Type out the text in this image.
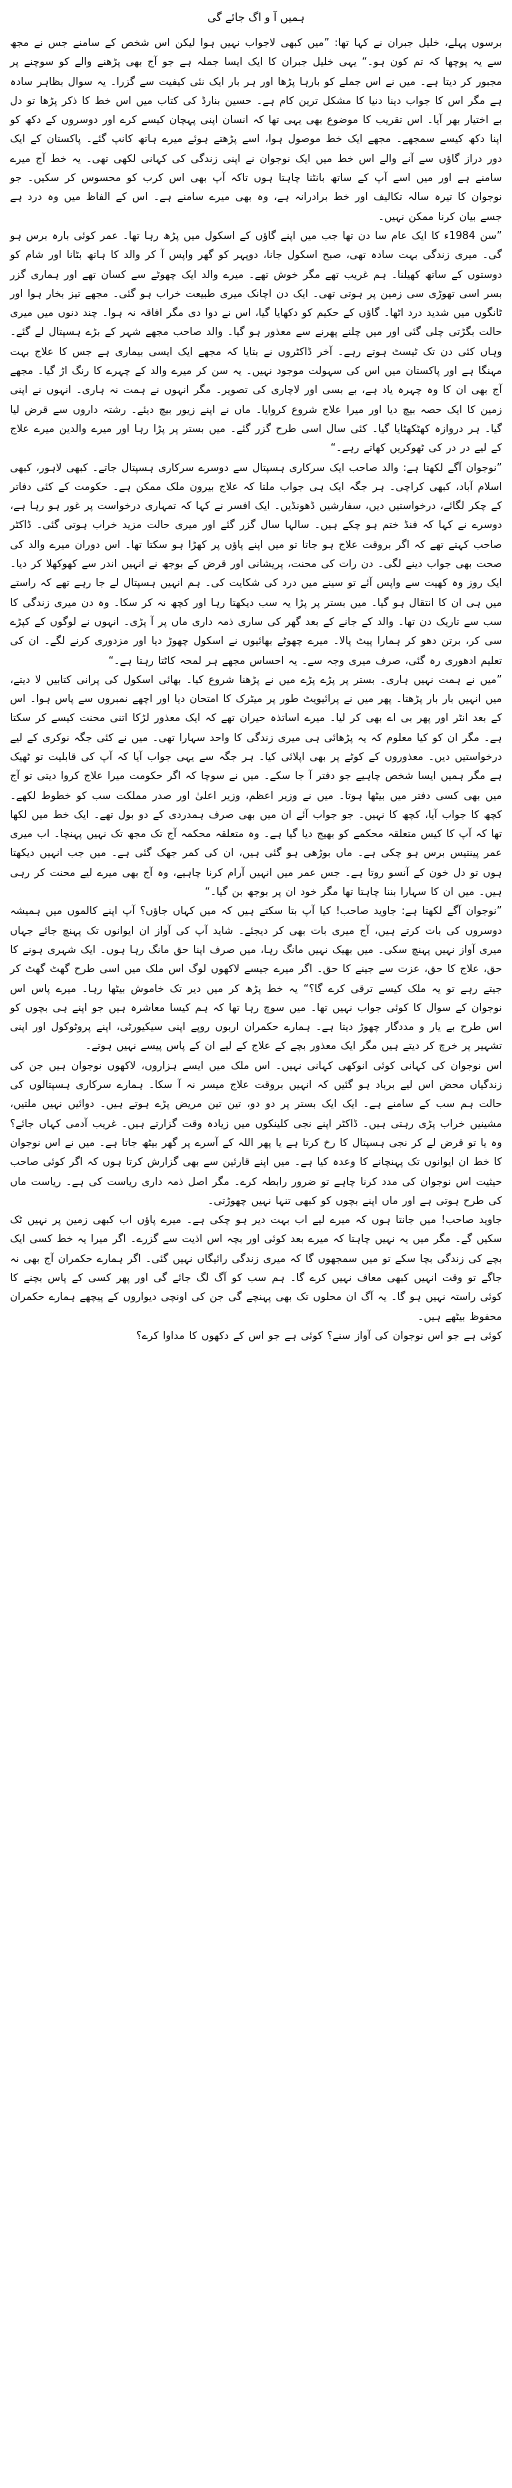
ہمیں آ و اگ جائے گی

برسوں پہلے، خلیل جبران نے کہا تھا: ”میں کبھی لاجواب نہیں ہوا لیکن اس شخص کے سامنے جس نے مجھ سے یہ پوچھا کہ تم کون ہو۔“ یہی خلیل جبران کا ایک ایسا جملہ ہے جو آج بھی پڑھنے والے کو سوچنے پر مجبور کر دیتا ہے۔ میں نے اس جملے کو بارہا پڑھا اور ہر بار ایک نئی کیفیت سے گزرا۔ یہ سوال بظاہر سادہ ہے مگر اس کا جواب دینا دنیا کا مشکل ترین کام ہے۔ حسین بنارڈ کی کتاب میں اس خط کا ذکر پڑھا تو دل بے اختیار بھر آیا۔ اس تقریب کا موضوع بھی یہی تھا کہ انسان اپنی پہچان کیسے کرے اور دوسروں کے دکھ کو اپنا دکھ کیسے سمجھے۔ مجھے ایک خط موصول ہوا، اسے پڑھتے ہوئے میرے ہاتھ کانپ گئے۔ پاکستان کے ایک دور دراز گاؤں سے آنے والے اس خط میں ایک نوجوان نے اپنی زندگی کی کہانی لکھی تھی۔ یہ خط آج میرے سامنے ہے اور میں اسے آپ کے ساتھ بانٹنا چاہتا ہوں تاکہ آپ بھی اس کرب کو محسوس کر سکیں۔ جو نوجوان کا تیرہ سالہ تکالیف اور خط برادرانہ ہے، وہ بھی میرے سامنے ہے۔ اس کے الفاظ میں وہ درد ہے جسے بیان کرنا ممکن نہیں۔

”سن 1984ء کا ایک عام سا دن تھا جب میں اپنے گاؤں کے اسکول میں پڑھ رہا تھا۔ عمر کوئی بارہ برس ہو گی۔ میری زندگی بہت سادہ تھی، صبح اسکول جانا، دوپہر کو گھر واپس آ کر والد کا ہاتھ بٹانا اور شام کو دوستوں کے ساتھ کھیلنا۔ ہم غریب تھے مگر خوش تھے۔ میرے والد ایک چھوٹے سے کسان تھے اور ہماری گزر بسر اسی تھوڑی سی زمین پر ہوتی تھی۔ ایک دن اچانک میری طبیعت خراب ہو گئی۔ مجھے تیز بخار ہوا اور ٹانگوں میں شدید درد اٹھا۔ گاؤں کے حکیم کو دکھایا گیا، اس نے دوا دی مگر افاقہ نہ ہوا۔ چند دنوں میں میری حالت بگڑتی چلی گئی اور میں چلنے پھرنے سے معذور ہو گیا۔ والد صاحب مجھے شہر کے بڑے ہسپتال لے گئے۔ وہاں کئی دن تک ٹیسٹ ہوتے رہے۔ آخر ڈاکٹروں نے بتایا کہ مجھے ایک ایسی بیماری ہے جس کا علاج بہت مہنگا ہے اور پاکستان میں اس کی سہولت موجود نہیں۔ یہ سن کر میرے والد کے چہرے کا رنگ اڑ گیا۔ مجھے آج بھی ان کا وہ چہرہ یاد ہے، بے بسی اور لاچاری کی تصویر۔ مگر انہوں نے ہمت نہ ہاری۔ انہوں نے اپنی زمین کا ایک حصہ بیچ دیا اور میرا علاج شروع کروایا۔ ماں نے اپنے زیور بیچ دیئے۔ رشتہ داروں سے قرض لیا گیا۔ ہر دروازہ کھٹکھٹایا گیا۔ کئی سال اسی طرح گزر گئے۔ میں بستر پر پڑا رہا اور میرے والدین میرے علاج کے لیے در در کی ٹھوکریں کھاتے رہے۔“

”نوجوان آگے لکھتا ہے: والد صاحب ایک سرکاری ہسپتال سے دوسرے سرکاری ہسپتال جاتے۔ کبھی لاہور، کبھی اسلام آباد، کبھی کراچی۔ ہر جگہ ایک ہی جواب ملتا کہ علاج بیرون ملک ممکن ہے۔ حکومت کے کئی دفاتر کے چکر لگائے، درخواستیں دیں، سفارشیں ڈھونڈیں۔ ایک افسر نے کہا کہ تمہاری درخواست پر غور ہو رہا ہے، دوسرے نے کہا کہ فنڈ ختم ہو چکے ہیں۔ سالہا سال گزر گئے اور میری حالت مزید خراب ہوتی گئی۔ ڈاکٹر صاحب کہتے تھے کہ اگر بروقت علاج ہو جاتا تو میں اپنے پاؤں پر کھڑا ہو سکتا تھا۔ اس دوران میرے والد کی صحت بھی جواب دینے لگی۔ دن رات کی محنت، پریشانی اور قرض کے بوجھ نے انہیں اندر سے کھوکھلا کر دیا۔ ایک روز وہ کھیت سے واپس آئے تو سینے میں درد کی شکایت کی۔ ہم انہیں ہسپتال لے جا رہے تھے کہ راستے میں ہی ان کا انتقال ہو گیا۔ میں بستر پر پڑا یہ سب دیکھتا رہا اور کچھ نہ کر سکا۔ وہ دن میری زندگی کا سب سے تاریک دن تھا۔ والد کے جانے کے بعد گھر کی ساری ذمہ داری ماں پر آ پڑی۔ انہوں نے لوگوں کے کپڑے سی کر، برتن دھو کر ہمارا پیٹ پالا۔ میرے چھوٹے بھائیوں نے اسکول چھوڑ دیا اور مزدوری کرنے لگے۔ ان کی تعلیم ادھوری رہ گئی، صرف میری وجہ سے۔ یہ احساس مجھے ہر لمحہ کاٹتا رہتا ہے۔“

”میں نے ہمت نہیں ہاری۔ بستر پر پڑے پڑے میں نے پڑھنا شروع کیا۔ بھائی اسکول کی پرانی کتابیں لا دیتے، میں انہیں بار بار پڑھتا۔ پھر میں نے پرائیویٹ طور پر میٹرک کا امتحان دیا اور اچھے نمبروں سے پاس ہوا۔ اس کے بعد انٹر اور پھر بی اے بھی کر لیا۔ میرے اساتذہ حیران تھے کہ ایک معذور لڑکا اتنی محنت کیسے کر سکتا ہے۔ مگر ان کو کیا معلوم کہ یہ پڑھائی ہی میری زندگی کا واحد سہارا تھی۔ میں نے کئی جگہ نوکری کے لیے درخواستیں دیں۔ معذوروں کے کوٹے پر بھی اپلائی کیا۔ ہر جگہ سے یہی جواب آیا کہ آپ کی قابلیت تو ٹھیک ہے مگر ہمیں ایسا شخص چاہیے جو دفتر آ جا سکے۔ میں نے سوچا کہ اگر حکومت میرا علاج کروا دیتی تو آج میں بھی کسی دفتر میں بیٹھا ہوتا۔ میں نے وزیر اعظم، وزیر اعلیٰ اور صدر مملکت سب کو خطوط لکھے۔ کچھ کا جواب آیا، کچھ کا نہیں۔ جو جواب آئے ان میں بھی صرف ہمدردی کے دو بول تھے۔ ایک خط میں لکھا تھا کہ آپ کا کیس متعلقہ محکمے کو بھیج دیا گیا ہے۔ وہ متعلقہ محکمہ آج تک مجھ تک نہیں پہنچا۔ اب میری عمر پینتیس برس ہو چکی ہے۔ ماں بوڑھی ہو گئی ہیں، ان کی کمر جھک گئی ہے۔ میں جب انہیں دیکھتا ہوں تو دل خون کے آنسو روتا ہے۔ جس عمر میں انہیں آرام کرنا چاہیے، وہ آج بھی میرے لیے محنت کر رہی ہیں۔ میں ان کا سہارا بننا چاہتا تھا مگر خود ان پر بوجھ بن گیا۔“

”نوجوان آگے لکھتا ہے: جاوید صاحب! کیا آپ بتا سکتے ہیں کہ میں کہاں جاؤں؟ آپ اپنے کالموں میں ہمیشہ دوسروں کی بات کرتے ہیں، آج میری بات بھی کر دیجئے۔ شاید آپ کی آواز ان ایوانوں تک پہنچ جائے جہاں میری آواز نہیں پہنچ سکی۔ میں بھیک نہیں مانگ رہا، میں صرف اپنا حق مانگ رہا ہوں۔ ایک شہری ہونے کا حق، علاج کا حق، عزت سے جینے کا حق۔ اگر میرے جیسے لاکھوں لوگ اس ملک میں اسی طرح گھٹ گھٹ کر جیتے رہے تو یہ ملک کیسے ترقی کرے گا؟“ یہ خط پڑھ کر میں دیر تک خاموش بیٹھا رہا۔ میرے پاس اس نوجوان کے سوال کا کوئی جواب نہیں تھا۔ میں سوچ رہا تھا کہ ہم کیسا معاشرہ ہیں جو اپنے ہی بچوں کو اس طرح بے یار و مددگار چھوڑ دیتا ہے۔ ہمارے حکمران اربوں روپے اپنی سیکیورٹی، اپنے پروٹوکول اور اپنی تشہیر پر خرچ کر دیتے ہیں مگر ایک معذور بچے کے علاج کے لیے ان کے پاس پیسے نہیں ہوتے۔

اس نوجوان کی کہانی کوئی انوکھی کہانی نہیں۔ اس ملک میں ایسے ہزاروں، لاکھوں نوجوان ہیں جن کی زندگیاں محض اس لیے برباد ہو گئیں کہ انہیں بروقت علاج میسر نہ آ سکا۔ ہمارے سرکاری ہسپتالوں کی حالت ہم سب کے سامنے ہے۔ ایک ایک بستر پر دو دو، تین تین مریض پڑے ہوتے ہیں۔ دوائیں نہیں ملتیں، مشینیں خراب پڑی رہتی ہیں۔ ڈاکٹر اپنے نجی کلینکوں میں زیادہ وقت گزارتے ہیں۔ غریب آدمی کہاں جائے؟ وہ یا تو قرض لے کر نجی ہسپتال کا رخ کرتا ہے یا پھر اللہ کے آسرے پر گھر بیٹھ جاتا ہے۔ میں نے اس نوجوان کا خط ان ایوانوں تک پہنچانے کا وعدہ کیا ہے۔ میں اپنے قارئین سے بھی گزارش کرتا ہوں کہ اگر کوئی صاحب حیثیت اس نوجوان کی مدد کرنا چاہے تو ضرور رابطہ کرے۔ مگر اصل ذمہ داری ریاست کی ہے۔ ریاست ماں کی طرح ہوتی ہے اور ماں اپنے بچوں کو کبھی تنہا نہیں چھوڑتی۔

جاوید صاحب! میں جانتا ہوں کہ میرے لیے اب بہت دیر ہو چکی ہے۔ میرے پاؤں اب کبھی زمین پر نہیں ٹک سکیں گے۔ مگر میں یہ نہیں چاہتا کہ میرے بعد کوئی اور بچہ اس اذیت سے گزرے۔ اگر میرا یہ خط کسی ایک بچے کی زندگی بچا سکے تو میں سمجھوں گا کہ میری زندگی رائیگاں نہیں گئی۔ اگر ہمارے حکمران آج بھی نہ جاگے تو وقت انہیں کبھی معاف نہیں کرے گا۔ ہم سب کو آگ لگ جائے گی اور پھر کسی کے پاس بچنے کا کوئی راستہ نہیں ہو گا۔ یہ آگ ان محلوں تک بھی پہنچے گی جن کی اونچی دیواروں کے پیچھے ہمارے حکمران محفوظ بیٹھے ہیں۔

کوئی ہے جو اس نوجوان کی آواز سنے؟ کوئی ہے جو اس کے دکھوں کا مداوا کرے؟
